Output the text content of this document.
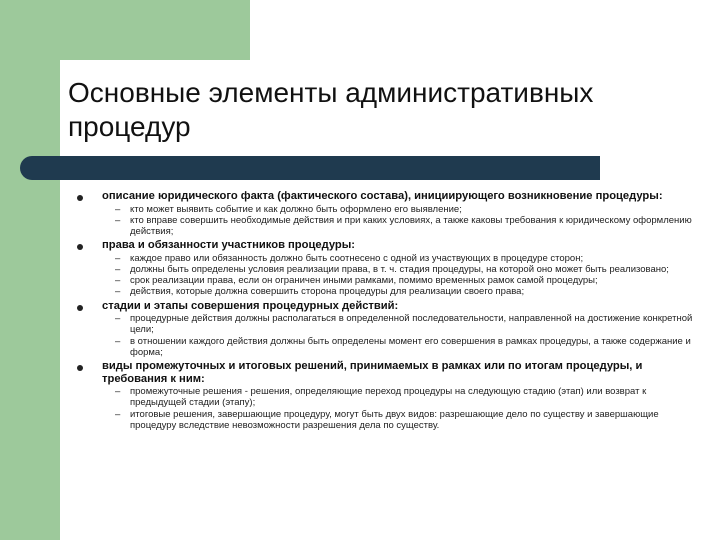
Основные элементы административных процедур
описание юридического факта (фактического состава), инициирующего возникновение процедуры:
– кто может выявить событие и как должно быть оформлено его выявление;
– кто вправе совершить необходимые действия и при каких условиях, а также каковы требования к юридическому оформлению действия;
права и обязанности участников процедуры:
– каждое право или обязанность должно быть соотнесено с одной из участвующих в процедуре сторон;
– должны быть определены условия реализации права, в т. ч. стадия процедуры, на которой оно может быть реализовано;
– срок реализации права, если он ограничен иными рамками, помимо временных рамок самой процедуры;
– действия, которые должна совершить сторона процедуры для реализации своего права;
стадии и этапы совершения процедурных действий:
– процедурные действия должны располагаться в определенной последовательности, направленной на достижение конкретной цели;
– в отношении каждого действия должны быть определены момент его совершения в рамках процедуры, а также содержание и форма;
виды промежуточных и итоговых решений, принимаемых в рамках или по итогам процедуры, и требования к ним:
– промежуточные решения - решения, определяющие переход процедуры на следующую стадию (этап) или возврат к предыдущей стадии (этапу);
– итоговые решения, завершающие процедуру, могут быть двух видов: разрешающие дело по существу и завершающие процедуру вследствие невозможности разрешения дела по существу.
